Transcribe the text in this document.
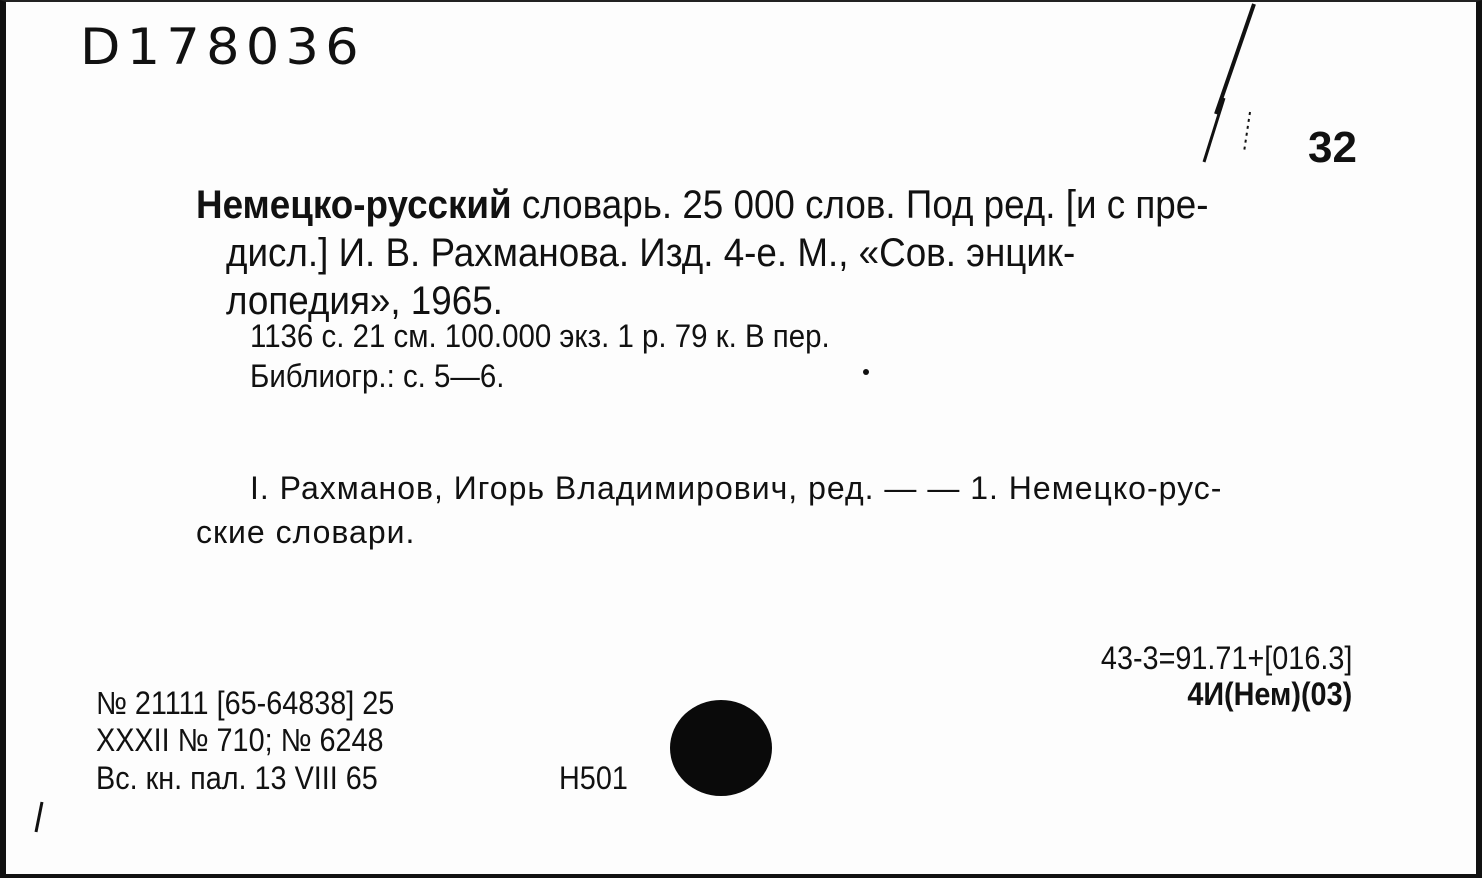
D178036
32
Немецко-русский словарь. 25 000 слов. Под ред. [и с пре-
дисл.] И. В. Рахманова. Изд. 4-е. М., «Сов. энцик-
лопедия», 1965.
1136 с. 21 см. 100.000 экз. 1 р. 79 к. В пер.
Библиогр.: с. 5—6.
I. Рахманов, Игорь Владимирович, ред. — — 1. Немецко-рус-
ские словари.
43-3=91.71+[016.3]
4И(Нем)(03)
№ 21111 [65-64838] 25
XXXII № 710; № 6248
Вс. кн. пал. 13 VIII 65	Н501
